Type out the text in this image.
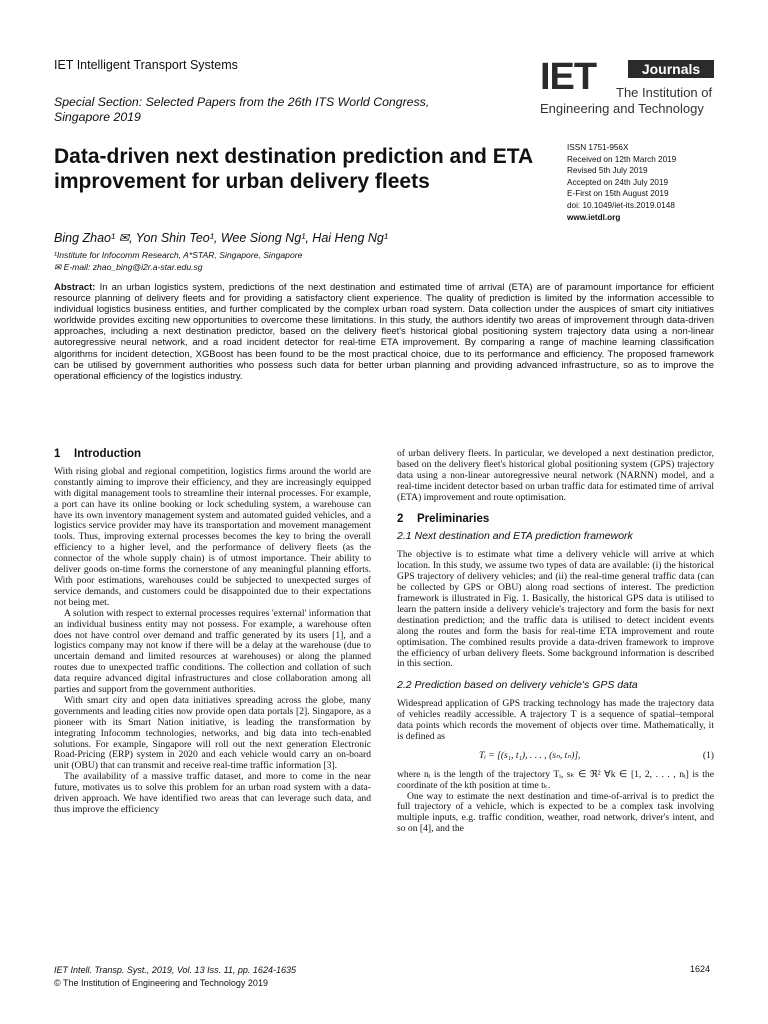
IET Intelligent Transport Systems
Special Section: Selected Papers from the 26th ITS World Congress, Singapore 2019
IET	Journals
The Institution of
Engineering and Technology
Data-driven next destination prediction and ETA improvement for urban delivery fleets
ISSN 1751-956X
Received on 12th March 2019
Revised 5th July 2019
Accepted on 24th July 2019
E-First on 15th August 2019
doi: 10.1049/iet-its.2019.0148
www.ietdl.org
Bing Zhao¹ ✉, Yon Shin Teo¹, Wee Siong Ng¹, Hai Heng Ng¹
¹Institute for Infocomm Research, A*STAR, Singapore, Singapore
✉ E-mail: zhao_bing@i2r.a-star.edu.sg
Abstract: In an urban logistics system, predictions of the next destination and estimated time of arrival (ETA) are of paramount importance for efficient resource planning of delivery fleets and for providing a satisfactory client experience. The quality of prediction is limited by the information accessible to individual logistics business entities, and further complicated by the complex urban road system. Data collection under the auspices of smart city initiatives worldwide provides exciting new opportunities to overcome these limitations. In this study, the authors identify two areas of improvement through data-driven approaches, including a next destination predictor, based on the delivery fleet's historical global positioning system trajectory data using a non-linear autoregressive neural network, and a road incident detector for real-time ETA improvement. By comparing a range of machine learning classification algorithms for incident detection, XGBoost has been found to be the most practical choice, due to its performance and efficiency. The proposed framework can be utilised by government authorities who possess such data for better urban planning and providing advanced infrastructure, so as to improve the operational efficiency of the logistics industry.
1 Introduction

With rising global and regional competition, logistics firms around the world are constantly aiming to improve their efficiency, and they are increasingly equipped with digital management tools to streamline their internal processes. For example, a port can have its online booking or lock scheduling system, a warehouse can have its own inventory management system and automated guided vehicles, and a logistics service provider may have its transportation and movement management tools. Thus, improving external processes becomes the key to bring the overall efficiency to a higher level, and the performance of delivery fleets (as the connector of the whole supply chain) is of utmost importance. Their ability to deliver goods on-time forms the cornerstone of any meaningful planning efforts. With poor estimations, warehouses could be subjected to unexpected surges of service demands, and customers could be disappointed due to their expectations not being met.

A solution with respect to external processes requires 'external' information that an individual business entity may not possess. For example, a warehouse often does not have control over demand and traffic generated by its users [1], and a logistics company may not know if there will be a delay at the warehouse (due to uncertain demand and limited resources at warehouses) or along the planned routes due to unexpected traffic conditions. The collection and collation of such data require advanced digital infrastructures and close collaboration among all parties and support from the government authorities.

With smart city and open data initiatives spreading across the globe, many governments and leading cities now provide open data portals [2]. Singapore, as a pioneer with its Smart Nation initiative, is leading the transformation by integrating Infocomm technologies, networks, and big data into tech-enabled solutions. For example, Singapore will roll out the next generation Electronic Road-Pricing (ERP) system in 2020 and each vehicle would carry an on-board unit (OBU) that can transmit and receive real-time traffic information [3].

The availability of a massive traffic dataset, and more to come in the near future, motivates us to solve this problem for an urban road system with a data-driven approach. We have identified two areas that can leverage such data, and thus improve the efficiency

of urban delivery fleets. In particular, we developed a next destination predictor, based on the delivery fleet's historical global positioning system (GPS) trajectory data using a non-linear autoregressive neural network (NARNN) model, and a real-time incident detector based on urban traffic data for estimated time of arrival (ETA) improvement and route optimisation.

2 Preliminaries
2.1 Next destination and ETA prediction framework

The objective is to estimate what time a delivery vehicle will arrive at which location. In this study, we assume two types of data are available: (i) the historical GPS trajectory of delivery vehicles; and (ii) the real-time general traffic data (can be collected by GPS or OBU) along road sections of interest. The prediction framework is illustrated in Fig. 1. Basically, the historical GPS data is utilised to learn the pattern inside a delivery vehicle's trajectory and form the basis for next destination prediction; and the traffic data is utilised to detect incident events along the routes and form the basis for real-time ETA improvement and route optimisation. The combined results provide a data-driven framework to improve the efficiency of urban delivery fleets. Some background information is described in this section.

2.2 Prediction based on delivery vehicle's GPS data

Widespread application of GPS tracking technology has made the trajectory data of vehicles readily accessible. A trajectory T is a sequence of spatial–temporal data points which records the movement of objects over time. Mathematically, it is defined as

Tᵢ = [(s₁, t₁), . . . , (sₙ, tₙ)],	(1)

where nᵢ is the length of the trajectory Tᵢ, sₖ ∈ ℜ² ∀k ∈ [1, 2, . . . , nᵢ] is the coordinate of the kth position at time tₖ.

One way to estimate the next destination and time-of-arrival is to predict the full trajectory of a vehicle, which is expected to be a complex task involving multiple inputs, e.g. traffic condition, weather, road network, driver's intent, and so on [4], and the

IET Intell. Transp. Syst., 2019, Vol. 13 Iss. 11, pp. 1624-1635
© The Institution of Engineering and Technology 2019
1624
